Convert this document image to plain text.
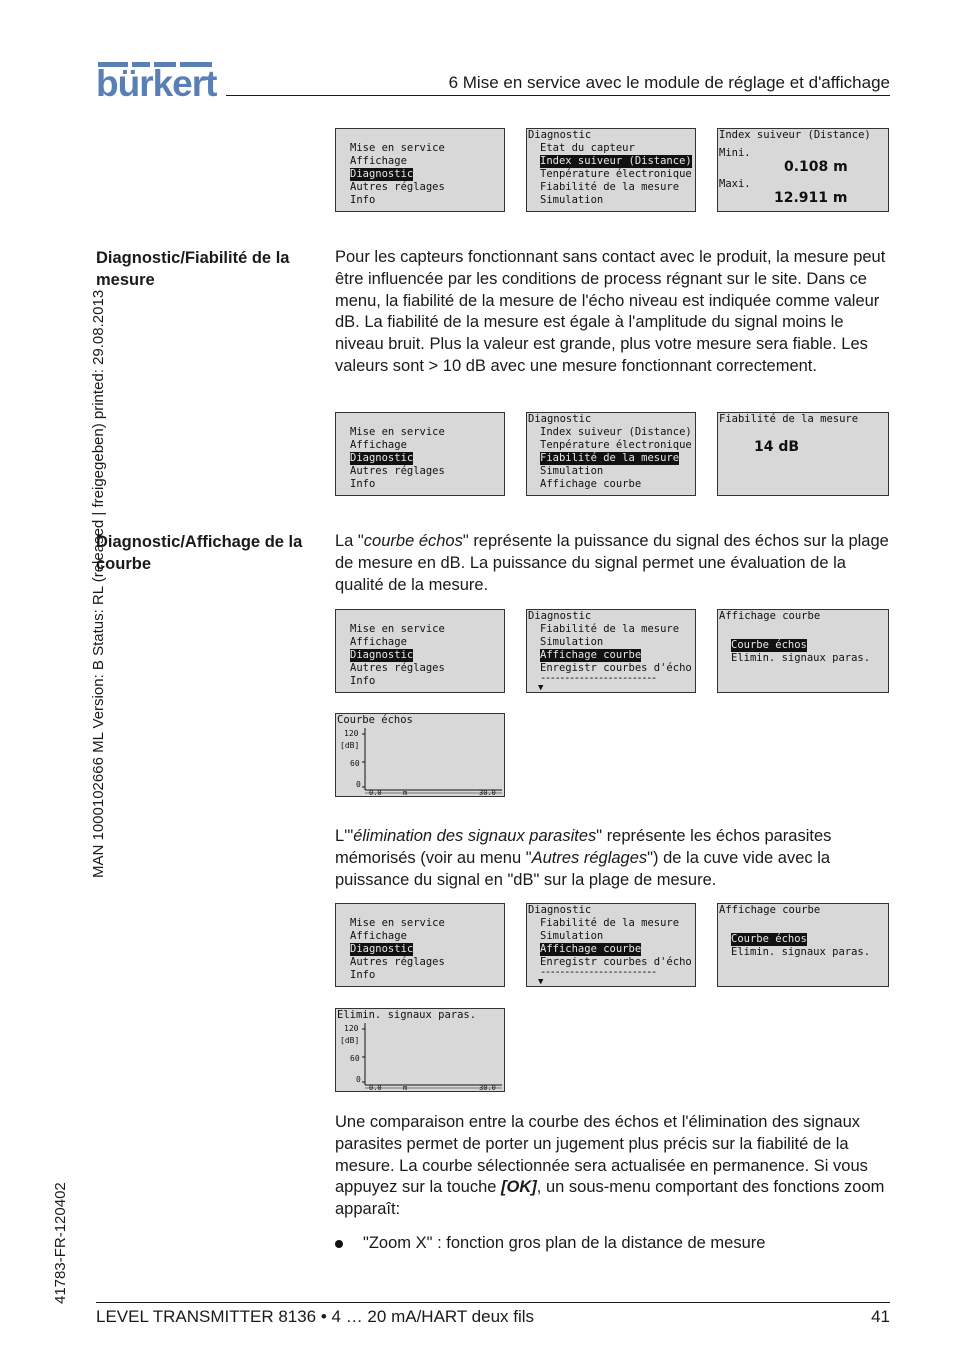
bürkert	6 Mise en service avec le module de réglage et d'affichage
MAN 1000102666 ML Version: B Status: RL (released | freigegeben) printed: 29.08.2013
41783-FR-120402
Mise en service
Affichage
Diagnostic
Autres réglages
Info
Diagnostic
Etat du capteur
Index suiveur (Distance)
Tenpérature électronique
Fiabilité de la mesure
Simulation
Index suiveur (Distance)
Mini.
0.108 m
Maxi.
12.911 m
Diagnostic/Fiabilité de la mesure
Pour les capteurs fonctionnant sans contact avec le produit, la mesure peut être influencée par les conditions de process régnant sur le site. Dans ce menu, la fiabilité de la mesure de l'écho niveau est indiquée comme valeur dB. La fiabilité de la mesure est égale à l'amplitude du signal moins le niveau bruit. Plus la valeur est grande, plus votre mesure sera fiable. Les valeurs sont > 10 dB avec une mesure fonctionnant correctement.
Mise en service
Affichage
Diagnostic
Autres réglages
Info
Diagnostic
Index suiveur (Distance)
Tenpérature électronique
Fiabilité de la mesure
Simulation
Affichage courbe
Fiabilité de la mesure
14 dB
Diagnostic/Affichage de la courbe
La "courbe échos" représente la puissance du signal des échos sur la plage de mesure en dB. La puissance du signal permet une évaluation de la qualité de la mesure.
Mise en service
Affichage
Diagnostic
Autres réglages
Info
Diagnostic
Fiabilité de la mesure
Simulation
Affichage courbe
Enregistr courbes d'écho
------------------------
▼
Affichage courbe
Courbe échos
Elimin. signaux paras.
Courbe échos
120
[dB]
60
0
0.0	m	30.0
L'"élimination des signaux parasites" représente les échos parasites mémorisés (voir au menu "Autres réglages") de la cuve vide avec la puissance du signal en "dB" sur la plage de mesure.
Mise en service
Affichage
Diagnostic
Autres réglages
Info
Diagnostic
Fiabilité de la mesure
Simulation
Affichage courbe
Enregistr courbes d'écho
------------------------
▼
Affichage courbe
Courbe échos
Elimin. signaux paras.
Elimin. signaux paras.
120
[dB]
60
0
0.0	m	30.0
Une comparaison entre la courbe des échos et l'élimination des signaux parasites permet de porter un jugement plus précis sur la fiabilité de la mesure. La courbe sélectionnée sera actualisée en permanence. Si vous appuyez sur la touche [OK], un sous-menu comportant des fonctions zoom apparaît:
"Zoom X" : fonction gros plan de la distance de mesure
LEVEL TRANSMITTER 8136 • 4 … 20 mA/HART deux fils	41
